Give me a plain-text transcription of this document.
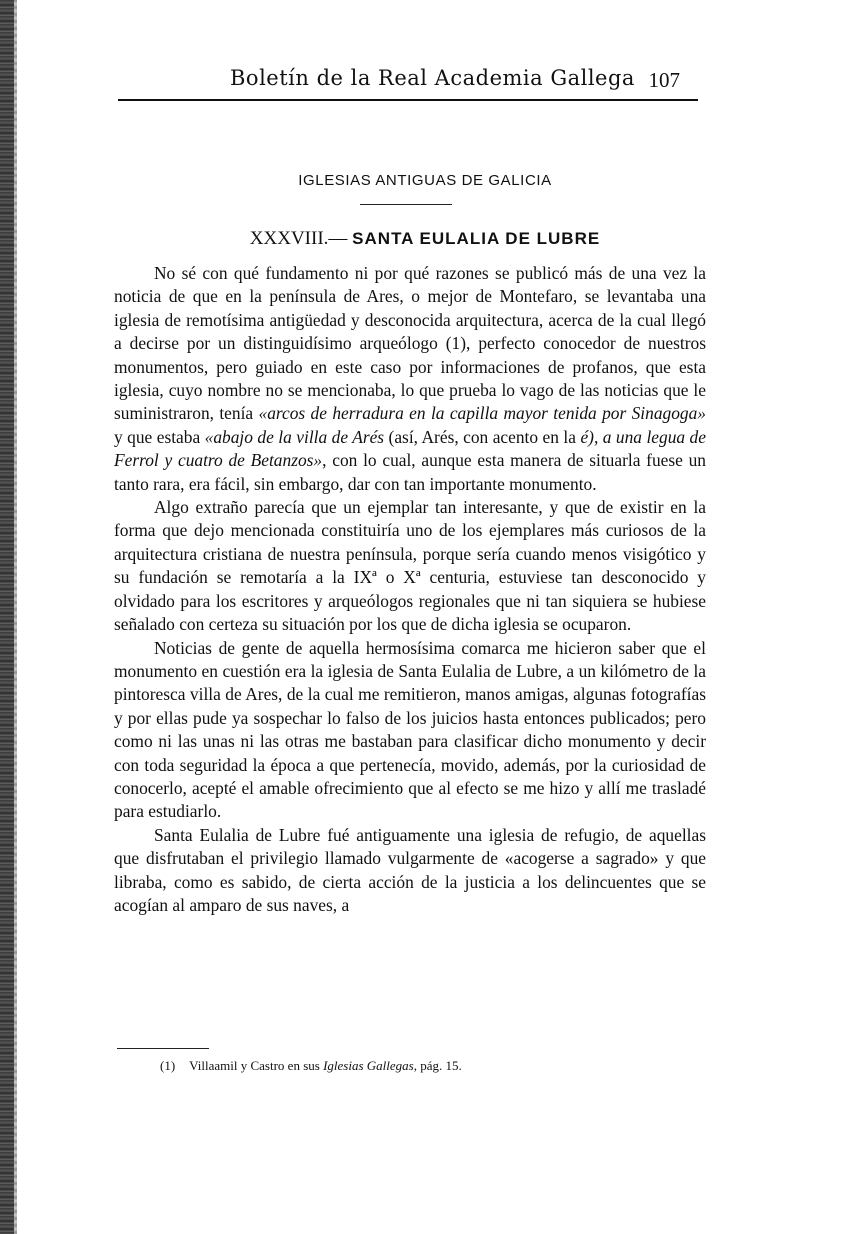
Boletín de la Real Academia Gallega 107
IGLESIAS ANTIGUAS DE GALICIA
XXXVIII.— SANTA EULALIA DE LUBRE

No sé con qué fundamento ni por qué razones se publicó más de una vez la noticia de que en la península de Ares, o mejor de Montefaro, se levantaba una iglesia de remotísima antigüedad y desconocida arquitectura, acerca de la cual llegó a decirse por un distinguidísimo arqueólogo (1), perfecto conocedor de nuestros monumentos, pero guiado en este caso por informaciones de profanos, que esta iglesia, cuyo nombre no se mencionaba, lo que prueba lo vago de las noticias que le suministraron, tenía «arcos de herradura en la capilla mayor tenida por Sinagoga» y que estaba «abajo de la villa de Arés (así, Arés, con acento en la é), a una legua de Ferrol y cuatro de Betanzos», con lo cual, aunque esta manera de situarla fuese un tanto rara, era fácil, sin embargo, dar con tan importante monumento.

Algo extraño parecía que un ejemplar tan interesante, y que de existir en la forma que dejo mencionada constituiría uno de los ejemplares más curiosos de la arquitectura cristiana de nuestra península, porque sería cuando menos visigótico y su fundación se remotaría a la IXª o Xª centuria, estuviese tan desconocido y olvidado para los escritores y arqueólogos regionales que ni tan siquiera se hubiese señalado con certeza su situación por los que de dicha iglesia se ocuparon.

Noticias de gente de aquella hermosísima comarca me hicieron saber que el monumento en cuestión era la iglesia de Santa Eulalia de Lubre, a un kilómetro de la pintoresca villa de Ares, de la cual me remitieron, manos amigas, algunas fotografías y por ellas pude ya sospechar lo falso de los juicios hasta entonces publicados; pero como ni las unas ni las otras me bastaban para clasificar dicho monumento y decir con toda seguridad la época a que pertenecía, movido, además, por la curiosidad de conocerlo, acepté el amable ofrecimiento que al efecto se me hizo y allí me trasladé para estudiarlo.

Santa Eulalia de Lubre fué antiguamente una iglesia de refugio, de aquellas que disfrutaban el privilegio llamado vulgarmente de «acogerse a sagrado» y que libraba, como es sabido, de cierta acción de la justicia a los delincuentes que se acogían al amparo de sus naves, a

(1) Villaamil y Castro en sus Iglesias Gallegas, pág. 15.
